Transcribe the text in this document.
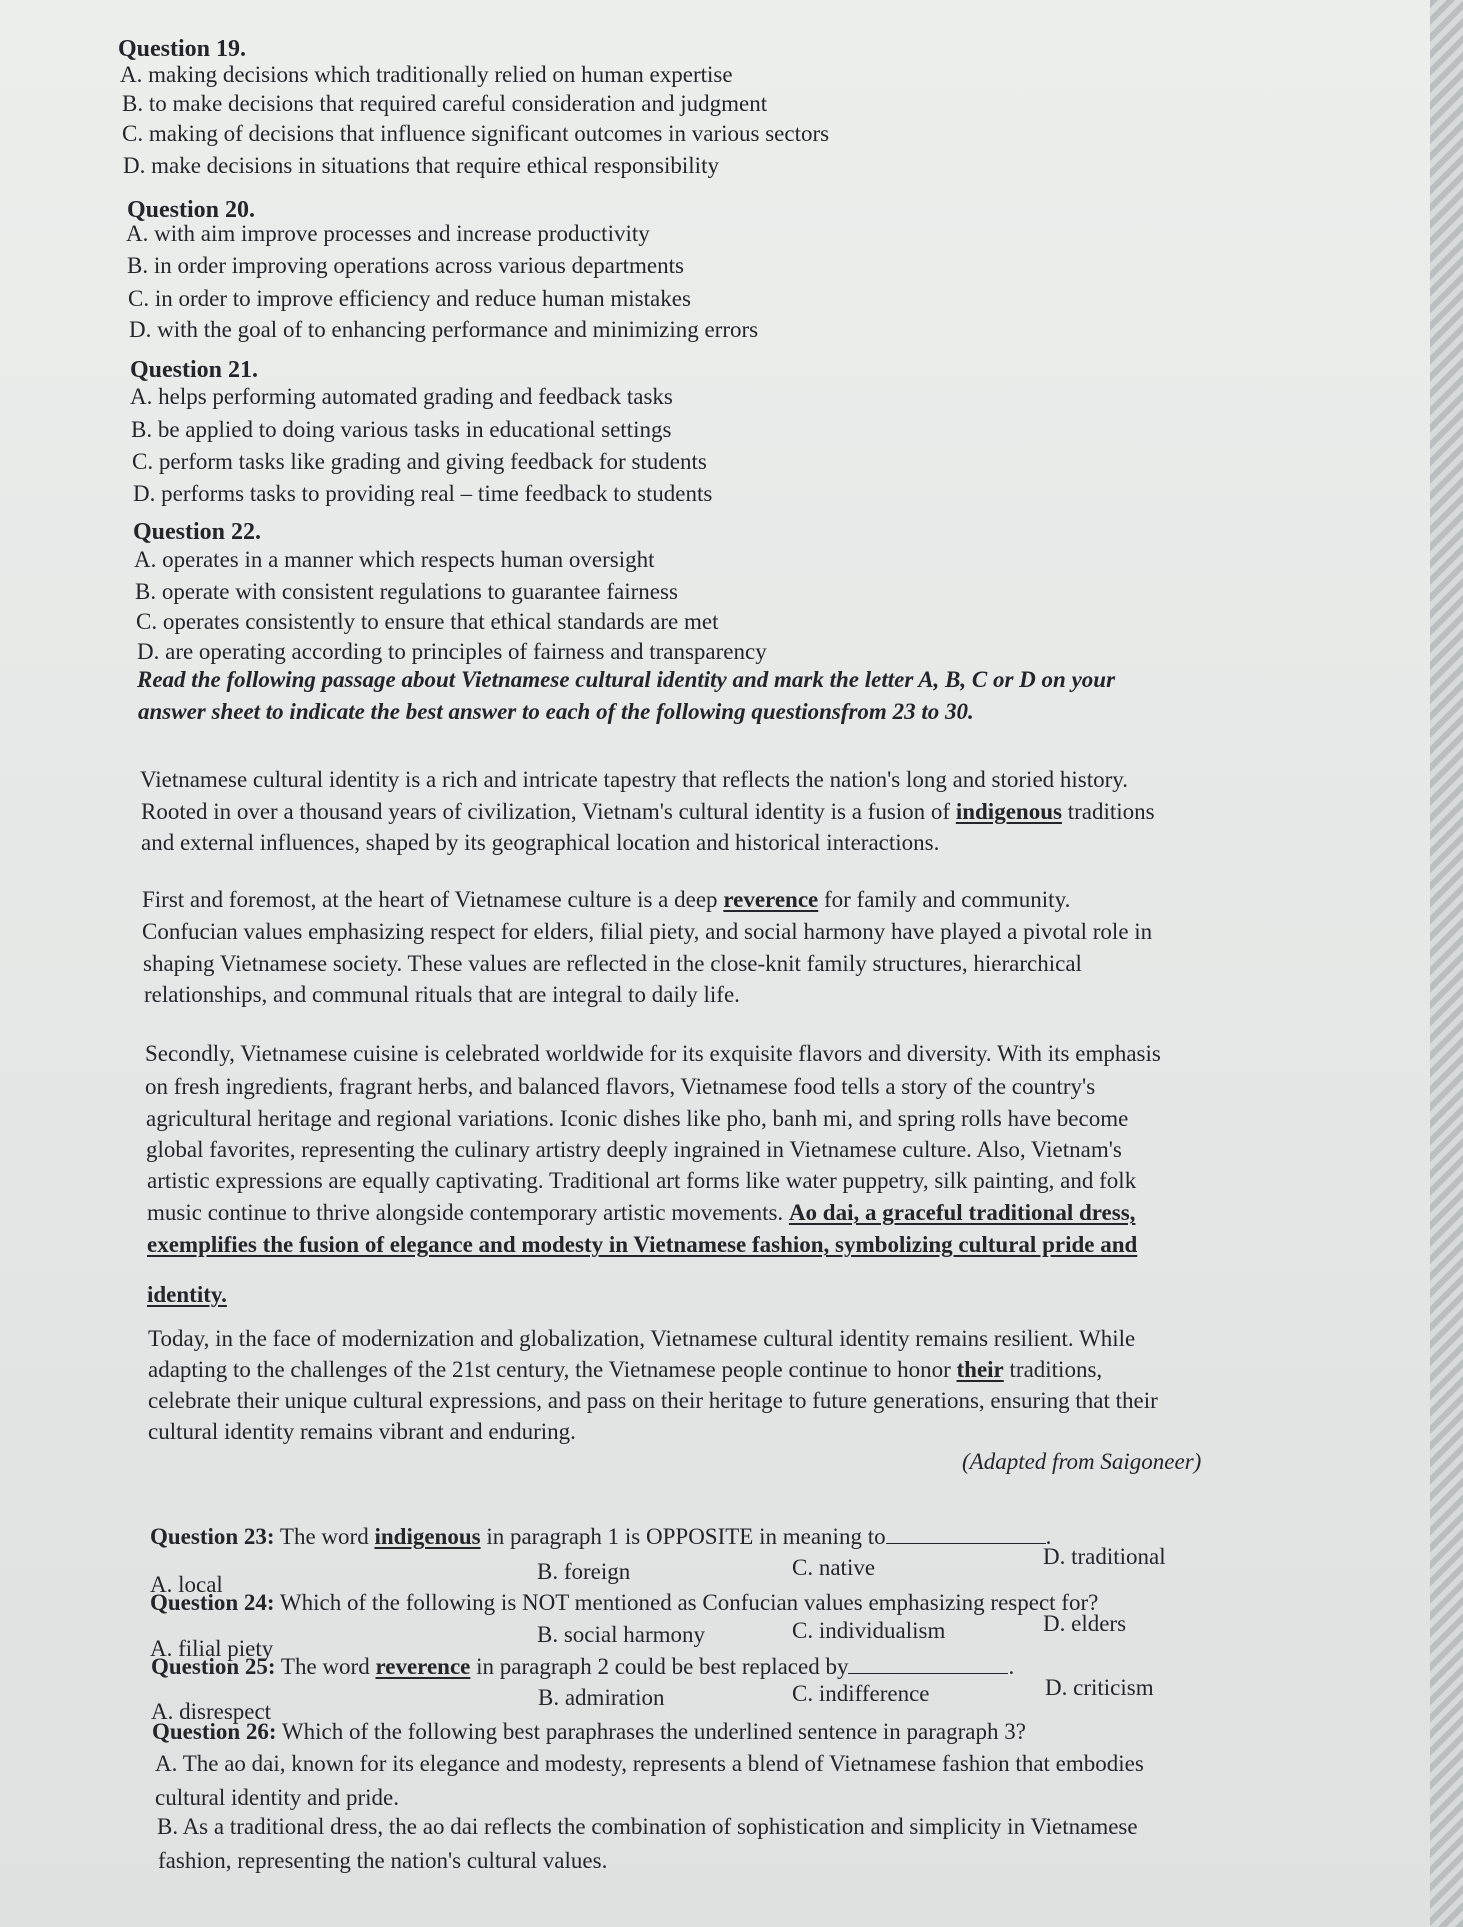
Question 19.
A. making decisions which traditionally relied on human expertise
B. to make decisions that required careful consideration and judgment
C. making of decisions that influence significant outcomes in various sectors
D. make decisions in situations that require ethical responsibility
Question 20.
A. with aim improve processes and increase productivity
B. in order improving operations across various departments
C. in order to improve efficiency and reduce human mistakes
D. with the goal of to enhancing performance and minimizing errors
Question 21.
A. helps performing automated grading and feedback tasks
B. be applied to doing various tasks in educational settings
C. perform tasks like grading and giving feedback for students
D. performs tasks to providing real – time feedback to students
Question 22.
A. operates in a manner which respects human oversight
B. operate with consistent regulations to guarantee fairness
C. operates consistently to ensure that ethical standards are met
D. are operating according to principles of fairness and transparency
Read the following passage about Vietnamese cultural identity and mark the letter A, B, C or D on your
answer sheet to indicate the best answer to each of the following questionsfrom 23 to 30.
Vietnamese cultural identity is a rich and intricate tapestry that reflects the nation's long and storied history.
Rooted in over a thousand years of civilization, Vietnam's cultural identity is a fusion of indigenous traditions
and external influences, shaped by its geographical location and historical interactions.
First and foremost, at the heart of Vietnamese culture is a deep reverence for family and community.
Confucian values emphasizing respect for elders, filial piety, and social harmony have played a pivotal role in
shaping Vietnamese society. These values are reflected in the close-knit family structures, hierarchical
relationships, and communal rituals that are integral to daily life.
Secondly, Vietnamese cuisine is celebrated worldwide for its exquisite flavors and diversity. With its emphasis
on fresh ingredients, fragrant herbs, and balanced flavors, Vietnamese food tells a story of the country's
agricultural heritage and regional variations. Iconic dishes like pho, banh mi, and spring rolls have become
global favorites, representing the culinary artistry deeply ingrained in Vietnamese culture. Also, Vietnam's
artistic expressions are equally captivating. Traditional art forms like water puppetry, silk painting, and folk
music continue to thrive alongside contemporary artistic movements. Ao dai, a graceful traditional dress,
exemplifies the fusion of elegance and modesty in Vietnamese fashion, symbolizing cultural pride and
identity.
Today, in the face of modernization and globalization, Vietnamese cultural identity remains resilient. While
adapting to the challenges of the 21st century, the Vietnamese people continue to honor their traditions,
celebrate their unique cultural expressions, and pass on their heritage to future generations, ensuring that their
cultural identity remains vibrant and enduring.
(Adapted from Saigoneer)
Question 23: The word indigenous in paragraph 1 is OPPOSITE in meaning to	.
A. local
B. foreign	C. native	D. traditional
Question 24: Which of the following is NOT mentioned as Confucian values emphasizing respect for?
A. filial piety
B. social harmony	C. individualism	D. elders
Question 25: The word reverence in paragraph 2 could be best replaced by	.
A. disrespect
B. admiration	C. indifference	D. criticism
Question 26: Which of the following best paraphrases the underlined sentence in paragraph 3?
A. The ao dai, known for its elegance and modesty, represents a blend of Vietnamese fashion that embodies
cultural identity and pride.
B. As a traditional dress, the ao dai reflects the combination of sophistication and simplicity in Vietnamese
fashion, representing the nation's cultural values.
